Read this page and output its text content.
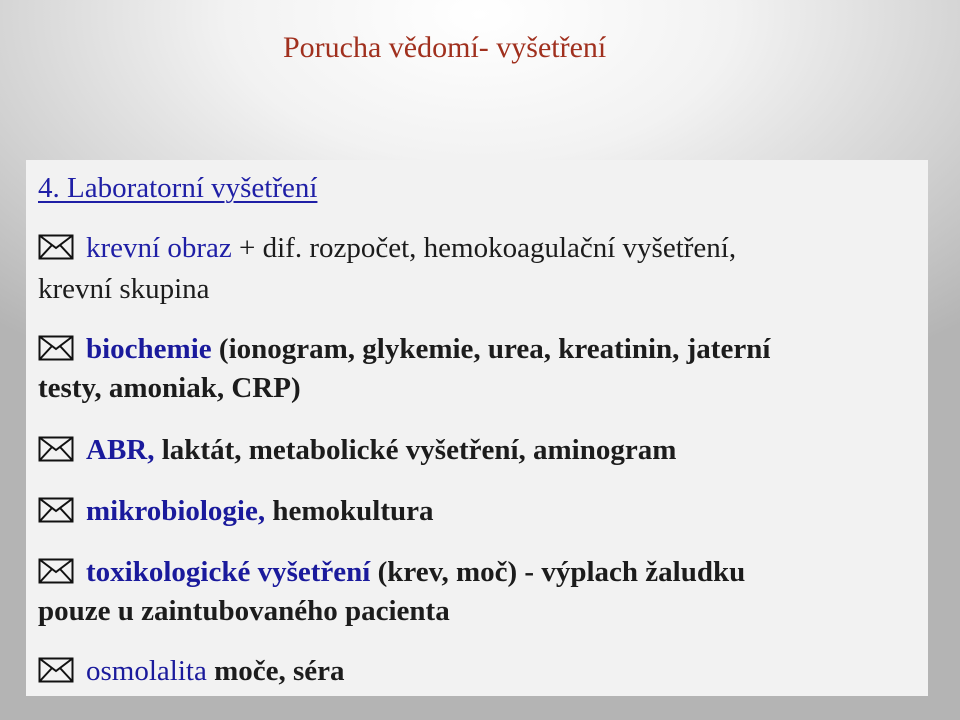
Porucha vědomí- vyšetření
4. Laboratorní vyšetření
krevní obraz + dif. rozpočet, hemokoagulační vyšetření,
krevní skupina
biochemie (ionogram, glykemie, urea, kreatinin, jaterní
testy, amoniak, CRP)
ABR, laktát, metabolické vyšetření, aminogram
mikrobiologie, hemokultura
toxikologické vyšetření (krev, moč) - výplach žaludku
pouze u zaintubovaného pacienta
osmolalita moče, séra
